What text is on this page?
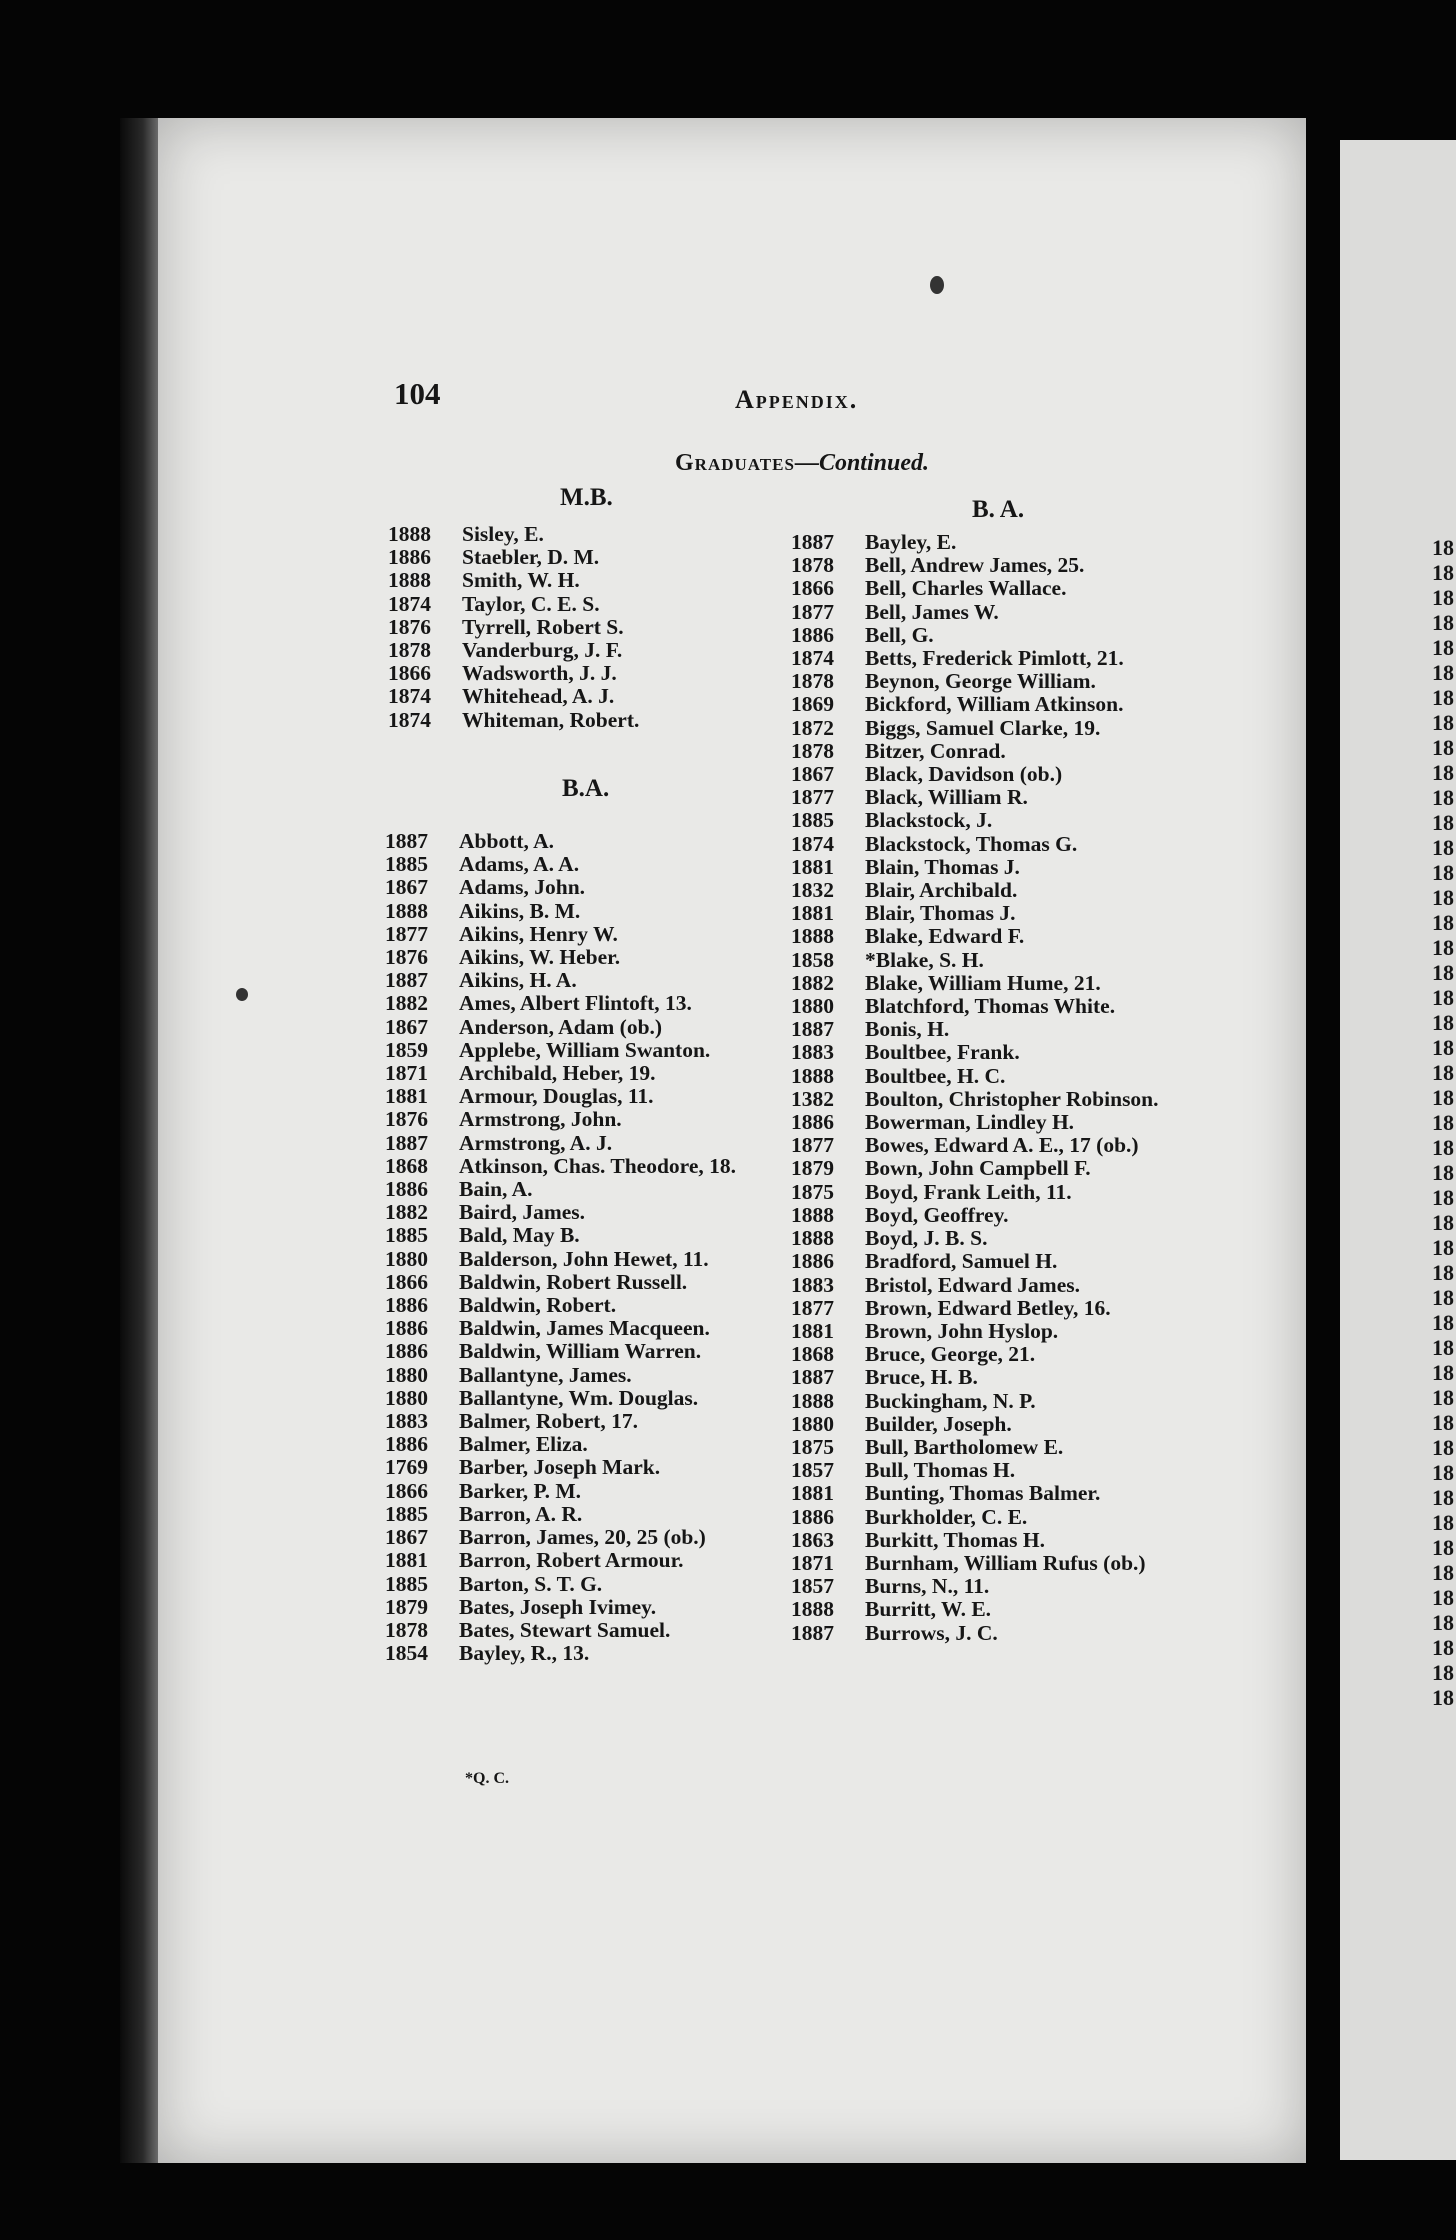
18
18
18
18
18
18
18
18
18
18
18
18
18
18
18
18
18
18
18
18
18
18
18
18
18
18
18
18
18
18
18
18
18
18
18
18
18
18
18
18
18
18
18
18
18
18
18
104	Appendix.
Graduates—Continued.
M.B.
1888	Sisley, E.
1886	Staebler, D. M.
1888	Smith, W. H.
1874	Taylor, C. E. S.
1876	Tyrrell, Robert S.
1878	Vanderburg, J. F.
1866	Wadsworth, J. J.
1874	Whitehead, A. J.
1874	Whiteman, Robert.
B.A.
1887	Abbott, A.
1885	Adams, A. A.
1867	Adams, John.
1888	Aikins, B. M.
1877	Aikins, Henry W.
1876	Aikins, W. Heber.
1887	Aikins, H. A.
1882	Ames, Albert Flintoft, 13.
1867	Anderson, Adam (ob.)
1859	Applebe, William Swanton.
1871	Archibald, Heber, 19.
1881	Armour, Douglas, 11.
1876	Armstrong, John.
1887	Armstrong, A. J.
1868	Atkinson, Chas. Theodore, 18.
1886	Bain, A.
1882	Baird, James.
1885	Bald, May B.
1880	Balderson, John Hewet, 11.
1866	Baldwin, Robert Russell.
1886	Baldwin, Robert.
1886	Baldwin, James Macqueen.
1886	Baldwin, William Warren.
1880	Ballantyne, James.
1880	Ballantyne, Wm. Douglas.
1883	Balmer, Robert, 17.
1886	Balmer, Eliza.
1769	Barber, Joseph Mark.
1866	Barker, P. M.
1885	Barron, A. R.
1867	Barron, James, 20, 25 (ob.)
1881	Barron, Robert Armour.
1885	Barton, S. T. G.
1879	Bates, Joseph Ivimey.
1878	Bates, Stewart Samuel.
1854	Bayley, R., 13.
B. A.
1887	Bayley, E.
1878	Bell, Andrew James, 25.
1866	Bell, Charles Wallace.
1877	Bell, James W.
1886	Bell, G.
1874	Betts, Frederick Pimlott, 21.
1878	Beynon, George William.
1869	Bickford, William Atkinson.
1872	Biggs, Samuel Clarke, 19.
1878	Bitzer, Conrad.
1867	Black, Davidson (ob.)
1877	Black, William R.
1885	Blackstock, J.
1874	Blackstock, Thomas G.
1881	Blain, Thomas J.
1832	Blair, Archibald.
1881	Blair, Thomas J.
1888	Blake, Edward F.
1858	*Blake, S. H.
1882	Blake, William Hume, 21.
1880	Blatchford, Thomas White.
1887	Bonis, H.
1883	Boultbee, Frank.
1888	Boultbee, H. C.
1382	Boulton, Christopher Robinson.
1886	Bowerman, Lindley H.
1877	Bowes, Edward A. E., 17 (ob.)
1879	Bown, John Campbell F.
1875	Boyd, Frank Leith, 11.
1888	Boyd, Geoffrey.
1888	Boyd, J. B. S.
1886	Bradford, Samuel H.
1883	Bristol, Edward James.
1877	Brown, Edward Betley, 16.
1881	Brown, John Hyslop.
1868	Bruce, George, 21.
1887	Bruce, H. B.
1888	Buckingham, N. P.
1880	Builder, Joseph.
1875	Bull, Bartholomew E.
1857	Bull, Thomas H.
1881	Bunting, Thomas Balmer.
1886	Burkholder, C. E.
1863	Burkitt, Thomas H.
1871	Burnham, William Rufus (ob.)
1857	Burns, N., 11.
1888	Burritt, W. E.
1887	Burrows, J. C.
*Q. C.
